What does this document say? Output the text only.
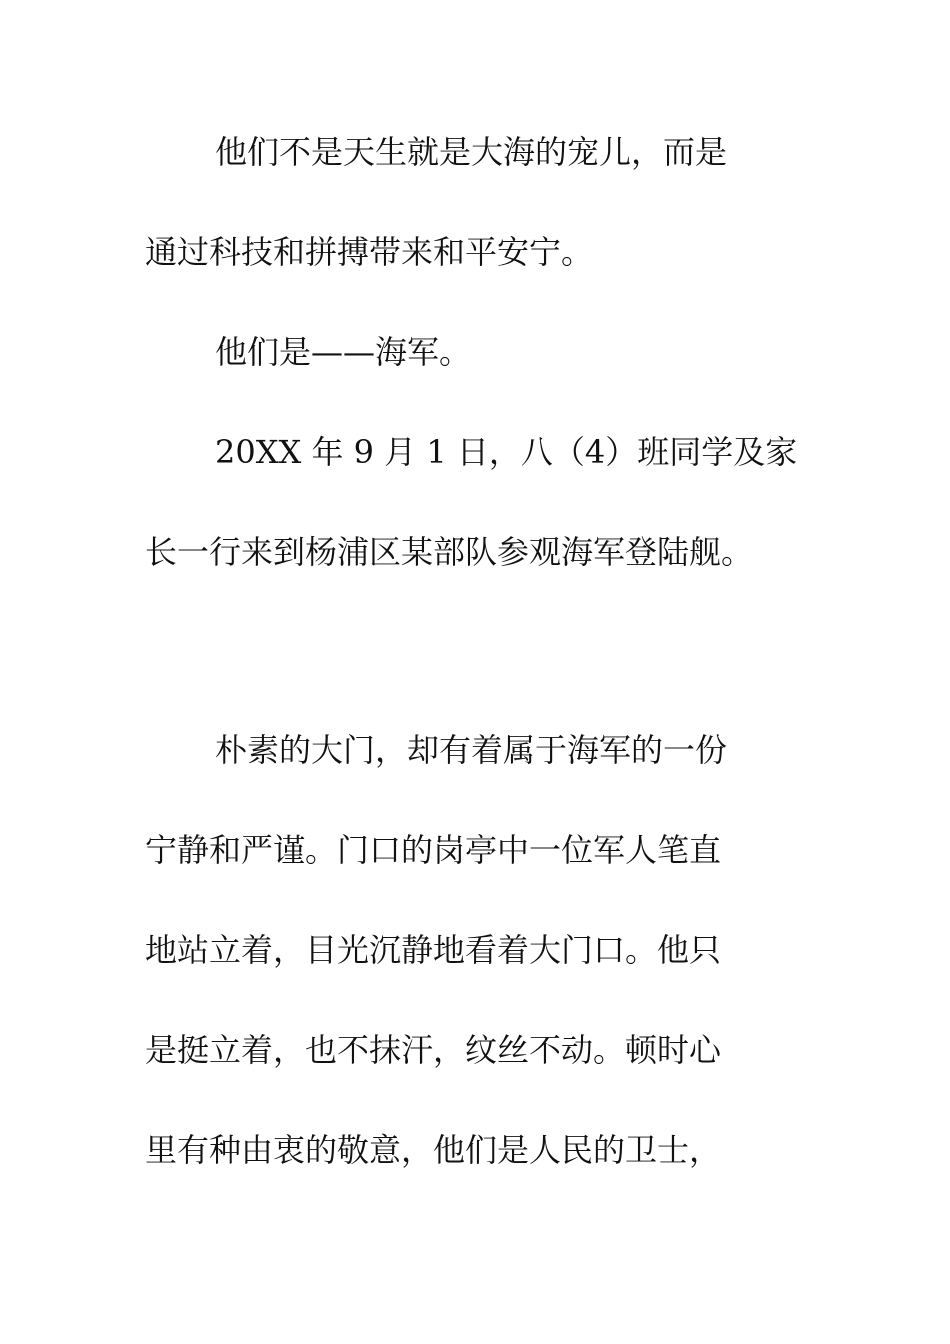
他们不是天生就是大海的宠儿，而是
通过科技和拼搏带来和平安宁。
他们是——海军。
20XX 年 9 月 1 日，八（4）班同学及家
长一行来到杨浦区某部队参观海军登陆舰。
朴素的大门，却有着属于海军的一份
宁静和严谨。门口的岗亭中一位军人笔直
地站立着，目光沉静地看着大门口。他只
是挺立着，也不抹汗，纹丝不动。顿时心
里有种由衷的敬意，他们是人民的卫士，
